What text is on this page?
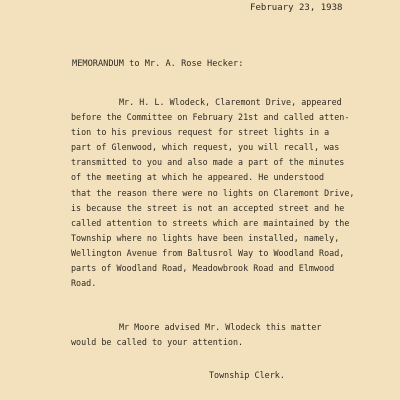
February 23, 1938
MEMORANDUM to Mr. A. Rose Hecker:
Mr. H. L. Wlodeck, Claremont Drive, appeared
before the Committee on February 21st and called atten-
tion to his previous request for street lights in a
part of Glenwood, which request, you will recall, was
transmitted to you and also made a part of the minutes
of the meeting at which he appeared. He understood
that the reason there were no lights on Claremont Drive,
is because the street is not an accepted street and he
called attention to streets which are maintained by the
Township where no lights have been installed, namely,
Wellington Avenue from Baltusrol Way to Woodland Road,
parts of Woodland Road, Meadowbrook Road and Elmwood
Road.
Mr Moore advised Mr. Wlodeck this matter
would be called to your attention.
Township Clerk.
